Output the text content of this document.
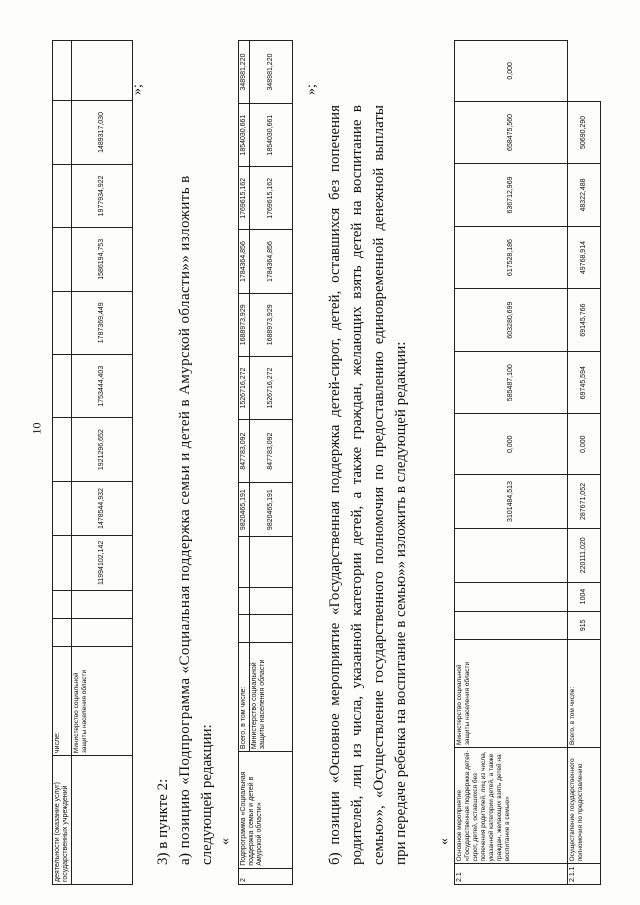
10
деятельности (оказание услуг) государственных учреждений	числе:											
	Министерство социальной защиты населения области			11994102,142	1478544,932	1921296,652	1753444,403	1787369,449	1586194,753	1977934,922	1489317,030	
»;
3) в пункте 2: а) позицию «Подпрограмма «Социальная поддержка семьи и детей в Амурской области»» изложить в следующей редакции: «
2	Подпрограмма «Социальная поддержка семьи и детей в Амурской области»	Всего, в том числе:				9820465,191	847783,092	1526716,272	1688973,929	1784364,856	1769615,162	1854030,661	348981,220
		Министерство социальной защиты населения области				9820465,191	847783,092	1526716,272	1688973,929	1784364,856	1769615,162	1854030,661	348981,220 »;
б) позиции «Основное мероприятие «Государственная поддержка детей-сирот, детей, оставшихся без попечения родителей, лиц из числа, указанной категории детей, а также граждан, желающих взять детей на воспитание в семью»», «Осуществление государственного полномочия по предоставлению единовременной денежной выплаты при передаче ребенка на воспитание в семью»» изложить в следующей редакции: «
2.1	Основное мероприятие «Государственная поддержка детей-сирот, детей, оставшихся без попечения родителей, лиц из числа, указанной категории детей, а также граждан, желающих взять детей на воспитание в семью»	Министерство социальной защиты населения области				3101484,513	0,000	585487,100	603280,699	617528,186	636712,969	658475,560	0,000
2.1.1	Осуществление государственного полномочия по предоставлению	Всего, в том числе:	915	1004	220111,020	287671,052	0,000	69745,594	69145,766	49768,914	48322,488	50690,290	
